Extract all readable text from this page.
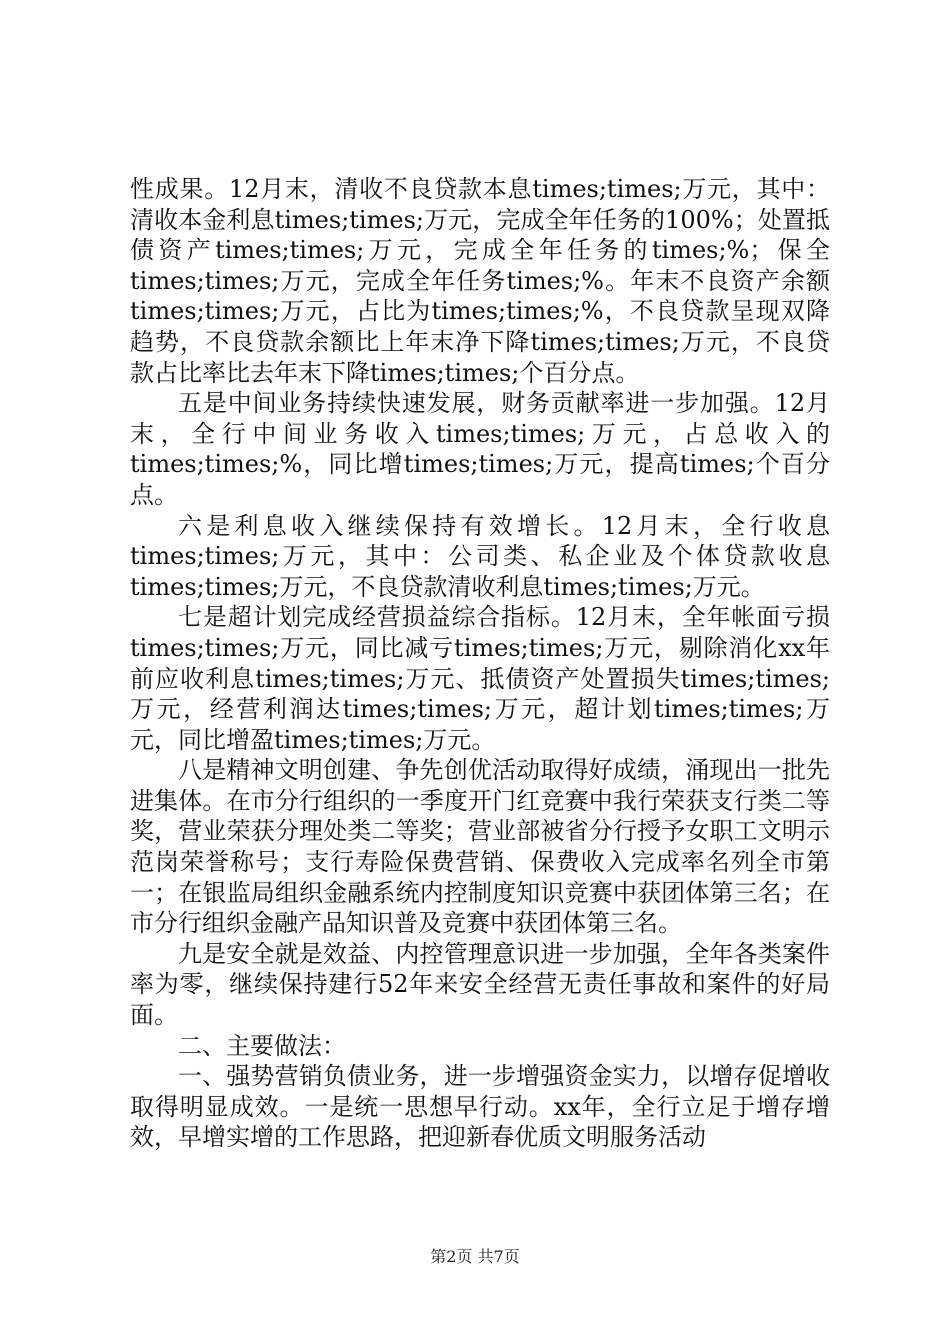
性成果。12月末，清收不良贷款本息times;times;万元，其中：清收本金利息times;times;万元，完成全年任务的100%；处置抵债资产times;times;万元，完成全年任务的times;%；保全times;times;万元，完成全年任务times;%。年末不良资产余额times;times;万元，占比为times;times;%，不良贷款呈现双降趋势，不良贷款余额比上年末净下降times;times;万元，不良贷款占比率比去年末下降times;times;个百分点。

五是中间业务持续快速发展，财务贡献率进一步加强。12月末，全行中间业务收入times;times;万元，占总收入的times;times;%，同比增times;times;万元，提高times;个百分点。

六是利息收入继续保持有效增长。12月末，全行收息times;times;万元，其中：公司类、私企业及个体贷款收息times;times;万元，不良贷款清收利息times;times;万元。

七是超计划完成经营损益综合指标。12月末，全年帐面亏损times;times;万元，同比减亏times;times;万元，剔除消化xx年前应收利息times;times;万元、抵债资产处置损失times;times;万元，经营利润达times;times;万元，超计划times;times;万元，同比增盈times;times;万元。

八是精神文明创建、争先创优活动取得好成绩，涌现出一批先进集体。在市分行组织的一季度开门红竞赛中我行荣获支行类二等奖，营业荣获分理处类二等奖；营业部被省分行授予女职工文明示范岗荣誉称号；支行寿险保费营销、保费收入完成率名列全市第一；在银监局组织金融系统内控制度知识竞赛中获团体第三名；在市分行组织金融产品知识普及竞赛中获团体第三名。

九是安全就是效益、内控管理意识进一步加强，全年各类案件率为零，继续保持建行52年来安全经营无责任事故和案件的好局面。

二、主要做法：

一、强势营销负债业务，进一步增强资金实力，以增存促增收取得明显成效。一是统一思想早行动。xx年，全行立足于增存增效，早增实增的工作思路，把迎新春优质文明服务活动

第2页 共7页
